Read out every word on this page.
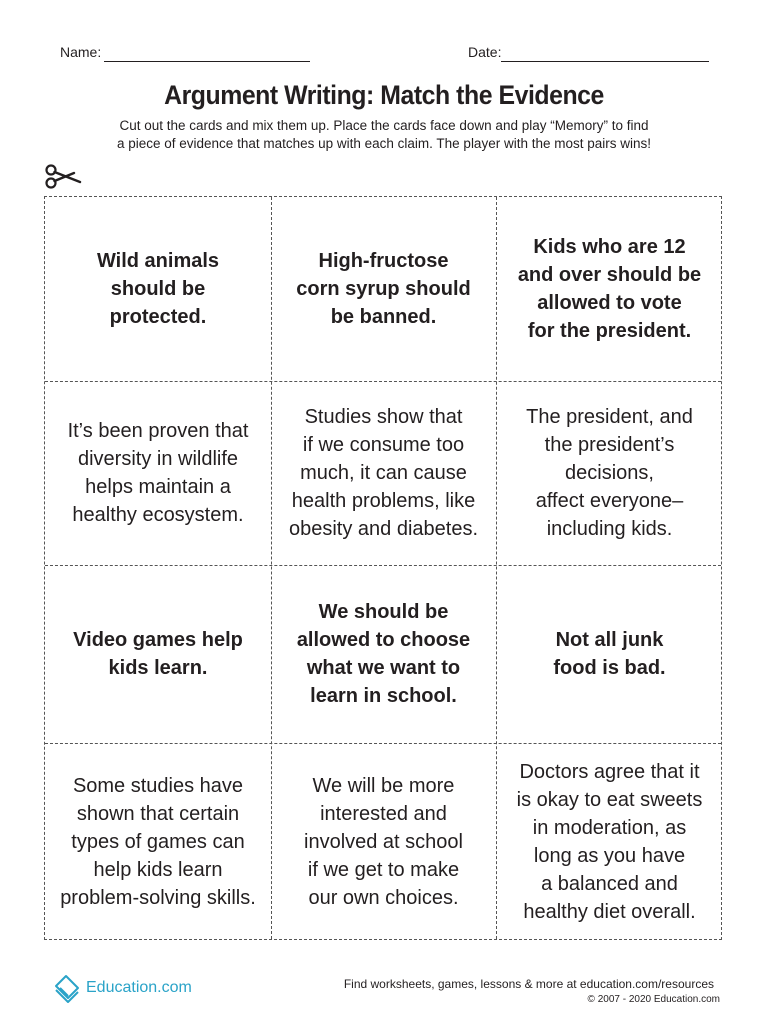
Name:	Date:
Argument Writing: Match the Evidence
Cut out the cards and mix them up. Place the cards face down and play “Memory” to find
a piece of evidence that matches up with each claim. The player with the most pairs wins!
Wild animals
should be
protected.
High-fructose
corn syrup should
be banned.
Kids who are 12
and over should be
allowed to vote
for the president.
It’s been proven that
diversity in wildlife
helps maintain a
healthy ecosystem.
Studies show that
if we consume too
much, it can cause
health problems, like
obesity and diabetes.
The president, and
the president’s
decisions,
affect everyone–
including kids.
Video games help
kids learn.
We should be
allowed to choose
what we want to
learn in school.
Not all junk
food is bad.
Some studies have
shown that certain
types of games can
help kids learn
problem-solving skills.
We will be more
interested and
involved at school
if we get to make
our own choices.
Doctors agree that it
is okay to eat sweets
in moderation, as
long as you have
a balanced and
healthy diet overall.
Education.com	Find worksheets, games, lessons & more at education.com/resources
© 2007 - 2020 Education.com
